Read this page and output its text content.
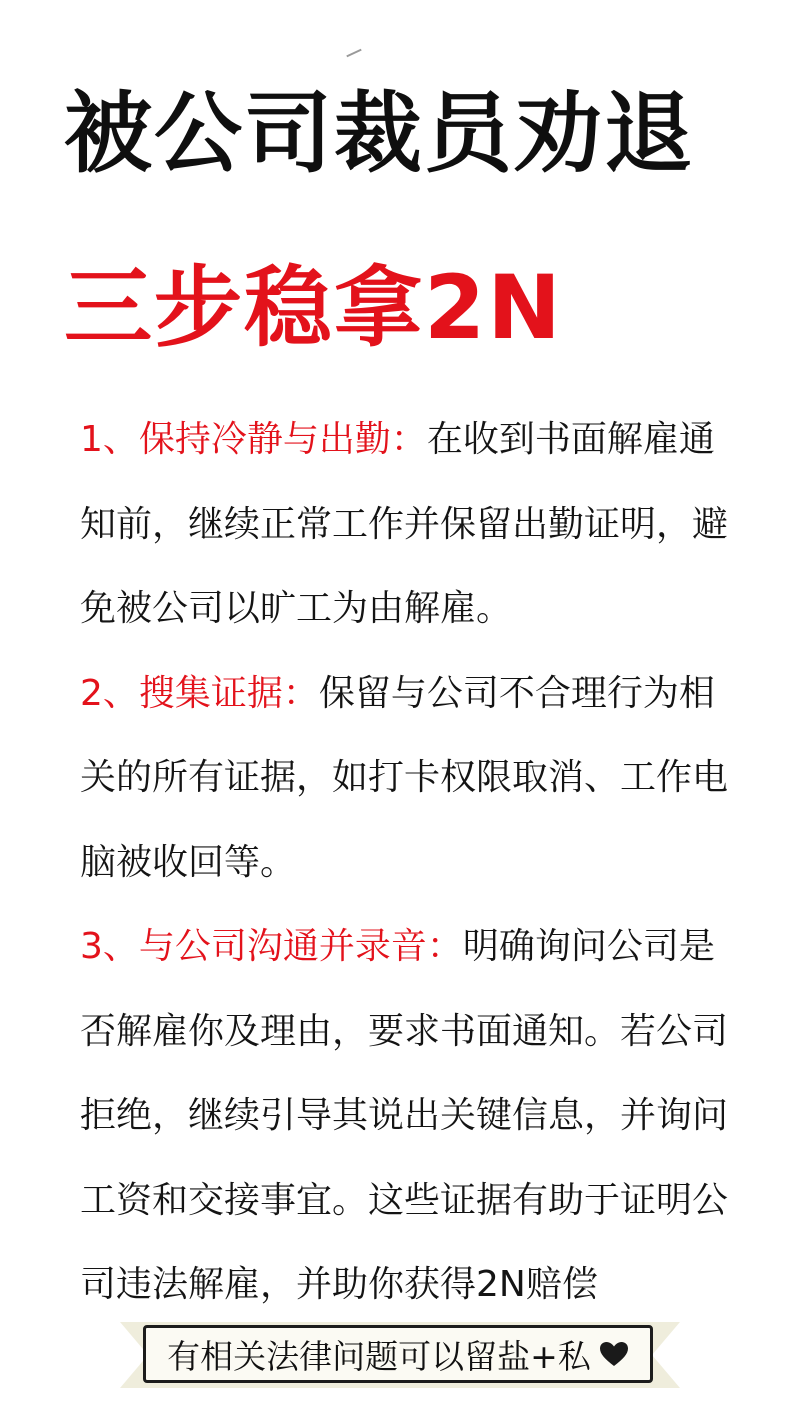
被公司裁员劝退
三步稳拿2N

1、保持冷静与出勤：在收到书面解雇通知前，继续正常工作并保留出勤证明，避免被公司以旷工为由解雇。

2、搜集证据：保留与公司不合理行为相关的所有证据，如打卡权限取消、工作电脑被收回等。

3、与公司沟通并录音：明确询问公司是否解雇你及理由，要求书面通知。若公司拒绝，继续引导其说出关键信息，并询问工资和交接事宜。这些证据有助于证明公司违法解雇，并助你获得2N赔偿

有相关法律问题可以留盐+私
